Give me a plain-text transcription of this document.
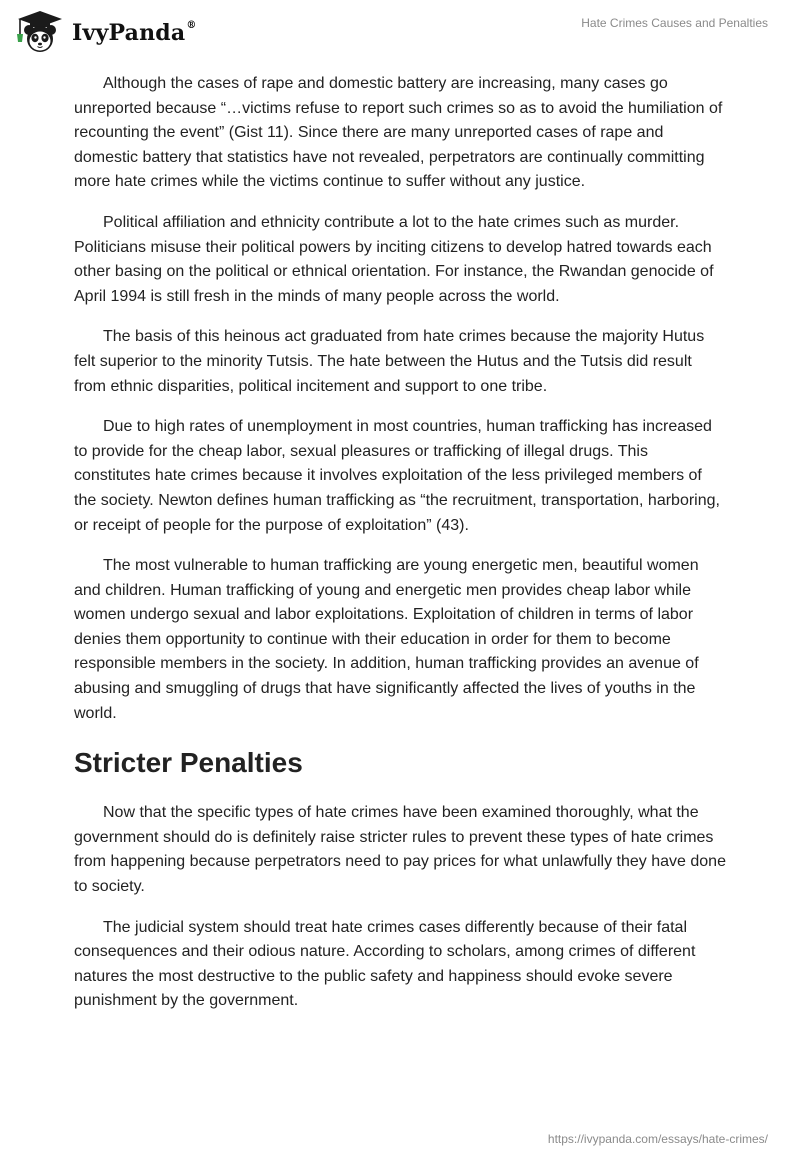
IvyPanda®	Hate Crimes Causes and Penalties

Although the cases of rape and domestic battery are increasing, many cases go unreported because “…victims refuse to report such crimes so as to avoid the humiliation of recounting the event” (Gist 11). Since there are many unreported cases of rape and domestic battery that statistics have not revealed, perpetrators are continually committing more hate crimes while the victims continue to suffer without any justice.

Political affiliation and ethnicity contribute a lot to the hate crimes such as murder. Politicians misuse their political powers by inciting citizens to develop hatred towards each other basing on the political or ethnical orientation. For instance, the Rwandan genocide of April 1994 is still fresh in the minds of many people across the world.

The basis of this heinous act graduated from hate crimes because the majority Hutus felt superior to the minority Tutsis. The hate between the Hutus and the Tutsis did result from ethnic disparities, political incitement and support to one tribe.

Due to high rates of unemployment in most countries, human trafficking has increased to provide for the cheap labor, sexual pleasures or trafficking of illegal drugs. This constitutes hate crimes because it involves exploitation of the less privileged members of the society. Newton defines human trafficking as “the recruitment, transportation, harboring, or receipt of people for the purpose of exploitation” (43).

The most vulnerable to human trafficking are young energetic men, beautiful women and children. Human trafficking of young and energetic men provides cheap labor while women undergo sexual and labor exploitations. Exploitation of children in terms of labor denies them opportunity to continue with their education in order for them to become responsible members in the society. In addition, human trafficking provides an avenue of abusing and smuggling of drugs that have significantly affected the lives of youths in the world.

Stricter Penalties

Now that the specific types of hate crimes have been examined thoroughly, what the government should do is definitely raise stricter rules to prevent these types of hate crimes from happening because perpetrators need to pay prices for what unlawfully they have done to society.

The judicial system should treat hate crimes cases differently because of their fatal consequences and their odious nature. According to scholars, among crimes of different natures the most destructive to the public safety and happiness should evoke severe punishment by the government.

https://ivypanda.com/essays/hate-crimes/
